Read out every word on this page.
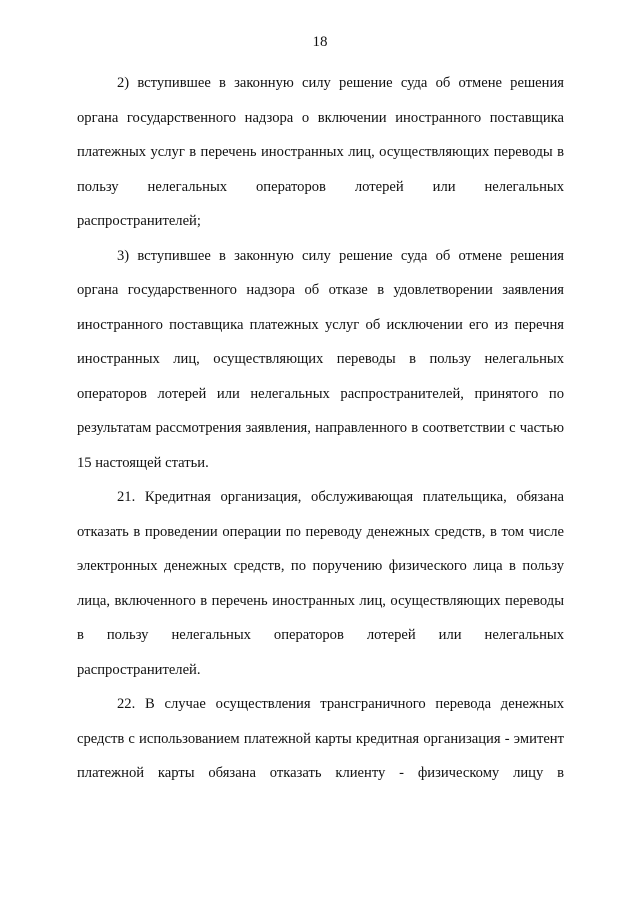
18

2) вступившее в законную силу решение суда об отмене решения органа государственного надзора о включении иностранного поставщика платежных услуг в перечень иностранных лиц, осуществляющих переводы в пользу нелегальных операторов лотерей или нелегальных распространителей;

3) вступившее в законную силу решение суда об отмене решения органа государственного надзора об отказе в удовлетворении заявления иностранного поставщика платежных услуг об исключении его из перечня иностранных лиц, осуществляющих переводы в пользу нелегальных операторов лотерей или нелегальных распространителей, принятого по результатам рассмотрения заявления, направленного в соответствии с частью 15 настоящей статьи.

21. Кредитная организация, обслуживающая плательщика, обязана отказать в проведении операции по переводу денежных средств, в том числе электронных денежных средств, по поручению физического лица в пользу лица, включенного в перечень иностранных лиц, осуществляющих переводы в пользу нелегальных операторов лотерей или нелегальных распространителей.

22. В случае осуществления трансграничного перевода денежных средств с использованием платежной карты кредитная организация - эмитент платежной карты обязана отказать клиенту - физическому лицу в
